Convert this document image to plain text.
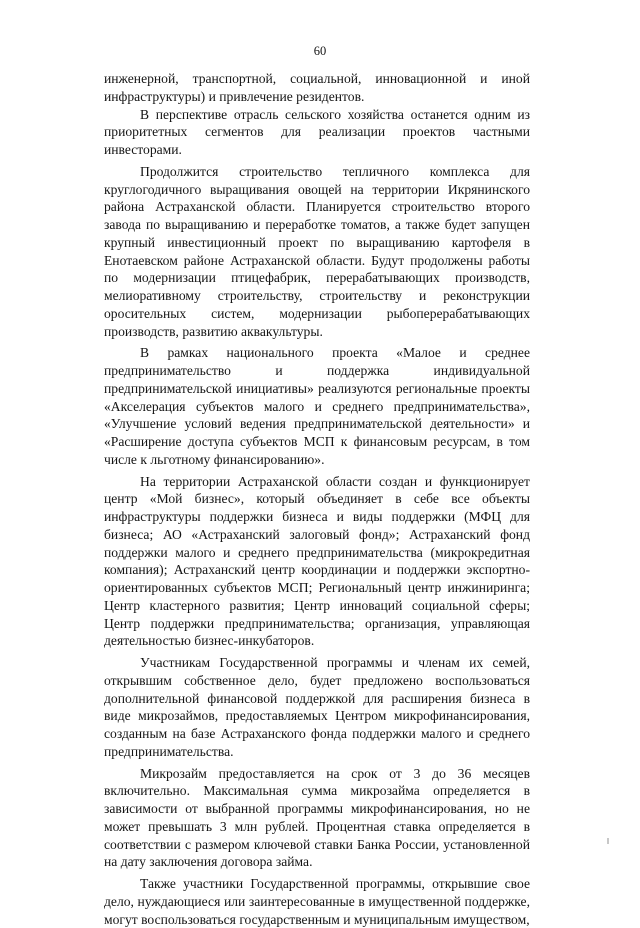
60

инженерной, транспортной, социальной, инновационной и иной инфраструктуры) и привлечение резидентов.

В перспективе отрасль сельского хозяйства останется одним из приоритетных сегментов для реализации проектов частными инвесторами.

Продолжится строительство тепличного комплекса для круглогодичного выращивания овощей на территории Икрянинского района Астраханской области. Планируется строительство второго завода по выращиванию и переработке томатов, а также будет запущен крупный инвестиционный проект по выращиванию картофеля в Енотаевском районе Астраханской области. Будут продолжены работы по модернизации птицефабрик, перерабатывающих производств, мелиоративному строительству, строительству и реконструкции оросительных систем, модернизации рыбоперерабатывающих производств, развитию аквакультуры.

В рамках национального проекта «Малое и среднее предпринимательство и поддержка индивидуальной предпринимательской инициативы» реализуются региональные проекты «Акселерация субъектов малого и среднего предпринимательства», «Улучшение условий ведения предпринимательской деятельности» и «Расширение доступа субъектов МСП к финансовым ресурсам, в том числе к льготному финансированию».

На территории Астраханской области создан и функционирует центр «Мой бизнес», который объединяет в себе все объекты инфраструктуры поддержки бизнеса и виды поддержки (МФЦ для бизнеса; АО «Астраханский залоговый фонд»; Астраханский фонд поддержки малого и среднего предпринимательства (микрокредитная компания); Астраханский центр координации и поддержки экспортно-ориентированных субъектов МСП; Региональный центр инжиниринга; Центр кластерного развития; Центр инноваций социальной сферы; Центр поддержки предпринимательства; организация, управляющая деятельностью бизнес-инкубаторов.

Участникам Государственной программы и членам их семей, открывшим собственное дело, будет предложено воспользоваться дополнительной финансовой поддержкой для расширения бизнеса в виде микрозаймов, предоставляемых Центром микрофинансирования, созданным на базе Астраханского фонда поддержки малого и среднего предпринимательства.

Микрозайм предоставляется на срок от 3 до 36 месяцев включительно. Максимальная сумма микрозайма определяется в зависимости от выбранной программы микрофинансирования, но не может превышать 3 млн рублей. Процентная ставка определяется в соответствии с размером ключевой ставки Банка России, установленной на дату заключения договора займа.

Также участники Государственной программы, открывшие свое дело, нуждающиеся или заинтересованные в имущественной поддержке, могут воспользоваться государственным и муниципальным имуществом,
